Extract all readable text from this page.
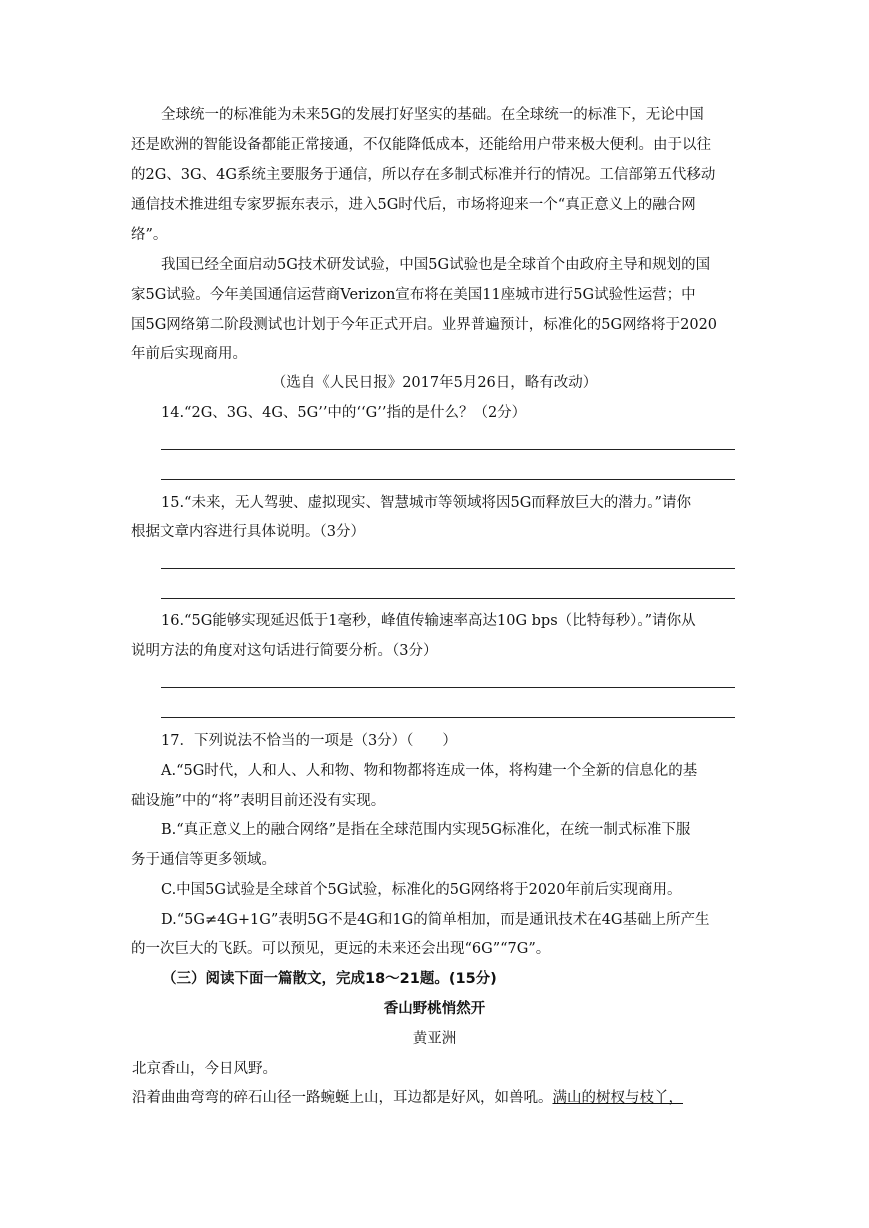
全球统一的标准能为未来5G的发展打好坚实的基础。在全球统一的标准下，无论中国
还是欧洲的智能设备都能正常接通，不仅能降低成本，还能给用户带来极大便利。由于以往
的2G、3G、4G系统主要服务于通信，所以存在多制式标准并行的情况。工信部第五代移动
通信技术推进组专家罗振东表示，进入5G时代后，市场将迎来一个“真正意义上的融合网
络”。
我国已经全面启动5G技术研发试验，中国5G试验也是全球首个由政府主导和规划的国
家5G试验。今年美国通信运营商Verizon宣布将在美国11座城市进行5G试验性运营；中
国5G网络第二阶段测试也计划于今年正式开启。业界普遍预计，标准化的5G网络将于2020
年前后实现商用。
（选自《人民日报》2017年5月26日，略有改动）
14.“2G、3G、4G、5G’’中的‘‘G’’指的是什么？（2分）
15.“未来，无人驾驶、虚拟现实、智慧城市等领域将因5G而释放巨大的潜力。”请你
根据文章内容进行具体说明。（3分）
16.“5G能够实现延迟低于1毫秒，峰值传输速率高达10G bps（比特每秒）。”请你从
说明方法的角度对这句话进行简要分析。（3分）
17．下列说法不恰当的一项是（3分）（　　）
A.“5G时代，人和人、人和物、物和物都将连成一体，将构建一个全新的信息化的基
础设施”中的“将”表明目前还没有实现。
B.“真正意义上的融合网络”是指在全球范围内实现5G标准化，在统一制式标准下服
务于通信等更多领域。
C.中国5G试验是全球首个5G试验，标准化的5G网络将于2020年前后实现商用。
D.“5G≠4G+1G”表明5G不是4G和1G的简单相加，而是通讯技术在4G基础上所产生
的一次巨大的飞跃。可以预见，更远的未来还会出现“6G”“7G”。
（三）阅读下面一篇散文，完成18～21题。(15分)
香山野桃悄然开
黄亚洲
北京香山，今日风野。
沿着曲曲弯弯的碎石山径一路蜿蜒上山，耳边都是好风，如兽吼。满山的树杈与枝丫，
